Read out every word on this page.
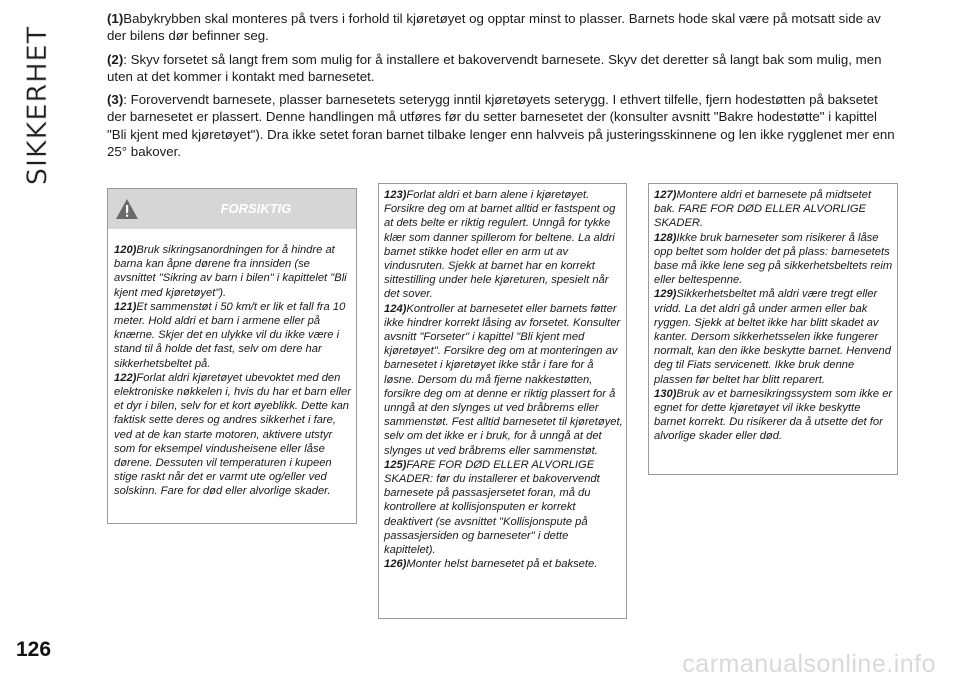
SIKKERHET

(1)Babykrybben skal monteres på tvers i forhold til kjøretøyet og opptar minst to plasser. Barnets hode skal være på motsatt side av der bilens dør befinner seg.

(2): Skyv forsetet så langt frem som mulig for å installere et bakovervendt barnesete. Skyv det deretter så langt bak som mulig, men uten at det kommer i kontakt med barnesetet.

(3): Forovervendt barnesete, plasser barnesetets seterygg inntil kjøretøyets seterygg. I ethvert tilfelle, fjern hodestøtten på baksetet der barnesetet er plassert. Denne handlingen må utføres før du setter barnesetet der (konsulter avsnitt "Bakre hodestøtte" i kapittel "Bli kjent med kjøretøyet"). Dra ikke setet foran barnet tilbake lenger enn halvveis på justeringsskinnene og len ikke rygglenet mer enn 25° bakover.

FORSIKTIG

120)Bruk sikringsanordningen for å hindre at barna kan åpne dørene fra innsiden (se avsnittet "Sikring av barn i bilen" i kapittelet "Bli kjent med kjøretøyet").

121)Et sammenstøt i 50 km/t er lik et fall fra 10 meter. Hold aldri et barn i armene eller på knærne. Skjer det en ulykke vil du ikke være i stand til å holde det fast, selv om dere har sikkerhetsbeltet på.

122)Forlat aldri kjøretøyet ubevoktet med den elektroniske nøkkelen i, hvis du har et barn eller et dyr i bilen, selv for et kort øyeblikk. Dette kan faktisk sette deres og andres sikkerhet i fare, ved at de kan starte motoren, aktivere utstyr som for eksempel vindusheisene eller låse dørene. Dessuten vil temperaturen i kupeen stige raskt når det er varmt ute og/eller ved solskinn. Fare for død eller alvorlige skader.

123)Forlat aldri et barn alene i kjøretøyet. Forsikre deg om at barnet alltid er fastspent og at dets belte er riktig regulert. Unngå for tykke klær som danner spillerom for beltene. La aldri barnet stikke hodet eller en arm ut av vindusruten. Sjekk at barnet har en korrekt sittestilling under hele kjøreturen, spesielt når det sover.

124)Kontroller at barnesetet eller barnets føtter ikke hindrer korrekt låsing av forsetet. Konsulter avsnitt "Forseter" i kapittel "Bli kjent med kjøretøyet". Forsikre deg om at monteringen av barnesetet i kjøretøyet ikke står i fare for å løsne. Dersom du må fjerne nakkestøtten, forsikre deg om at denne er riktig plassert for å unngå at den slynges ut ved bråbrems eller sammenstøt. Fest alltid barnesetet til kjøretøyet, selv om det ikke er i bruk, for å unngå at det slynges ut ved bråbrems eller sammenstøt.

125)FARE FOR DØD ELLER ALVORLIGE SKADER: før du installerer et bakovervendt barnesete på passasjersetet foran, må du kontrollere at kollisjonsputen er korrekt deaktivert (se avsnittet "Kollisjonspute på passasjersiden og barneseter" i dette kapittelet).

126)Monter helst barnesetet på et baksete.

127)Montere aldri et barnesete på midtsetet bak. FARE FOR DØD ELLER ALVORLIGE SKADER.

128)Ikke bruk barneseter som risikerer å låse opp beltet som holder det på plass: barnesetets base må ikke lene seg på sikkerhetsbeltets reim eller beltespenne.

129)Sikkerhetsbeltet må aldri være tregt eller vridd. La det aldri gå under armen eller bak ryggen. Sjekk at beltet ikke har blitt skadet av kanter. Dersom sikkerhetsselen ikke fungerer normalt, kan den ikke beskytte barnet. Henvend deg til Fiats servicenett. Ikke bruk denne plassen før beltet har blitt reparert.

130)Bruk av et barnesikringssystem som ikke er egnet for dette kjøretøyet vil ikke beskytte barnet korrekt. Du risikerer da å utsette det for alvorlige skader eller død.

126
carmanualsonline.info
